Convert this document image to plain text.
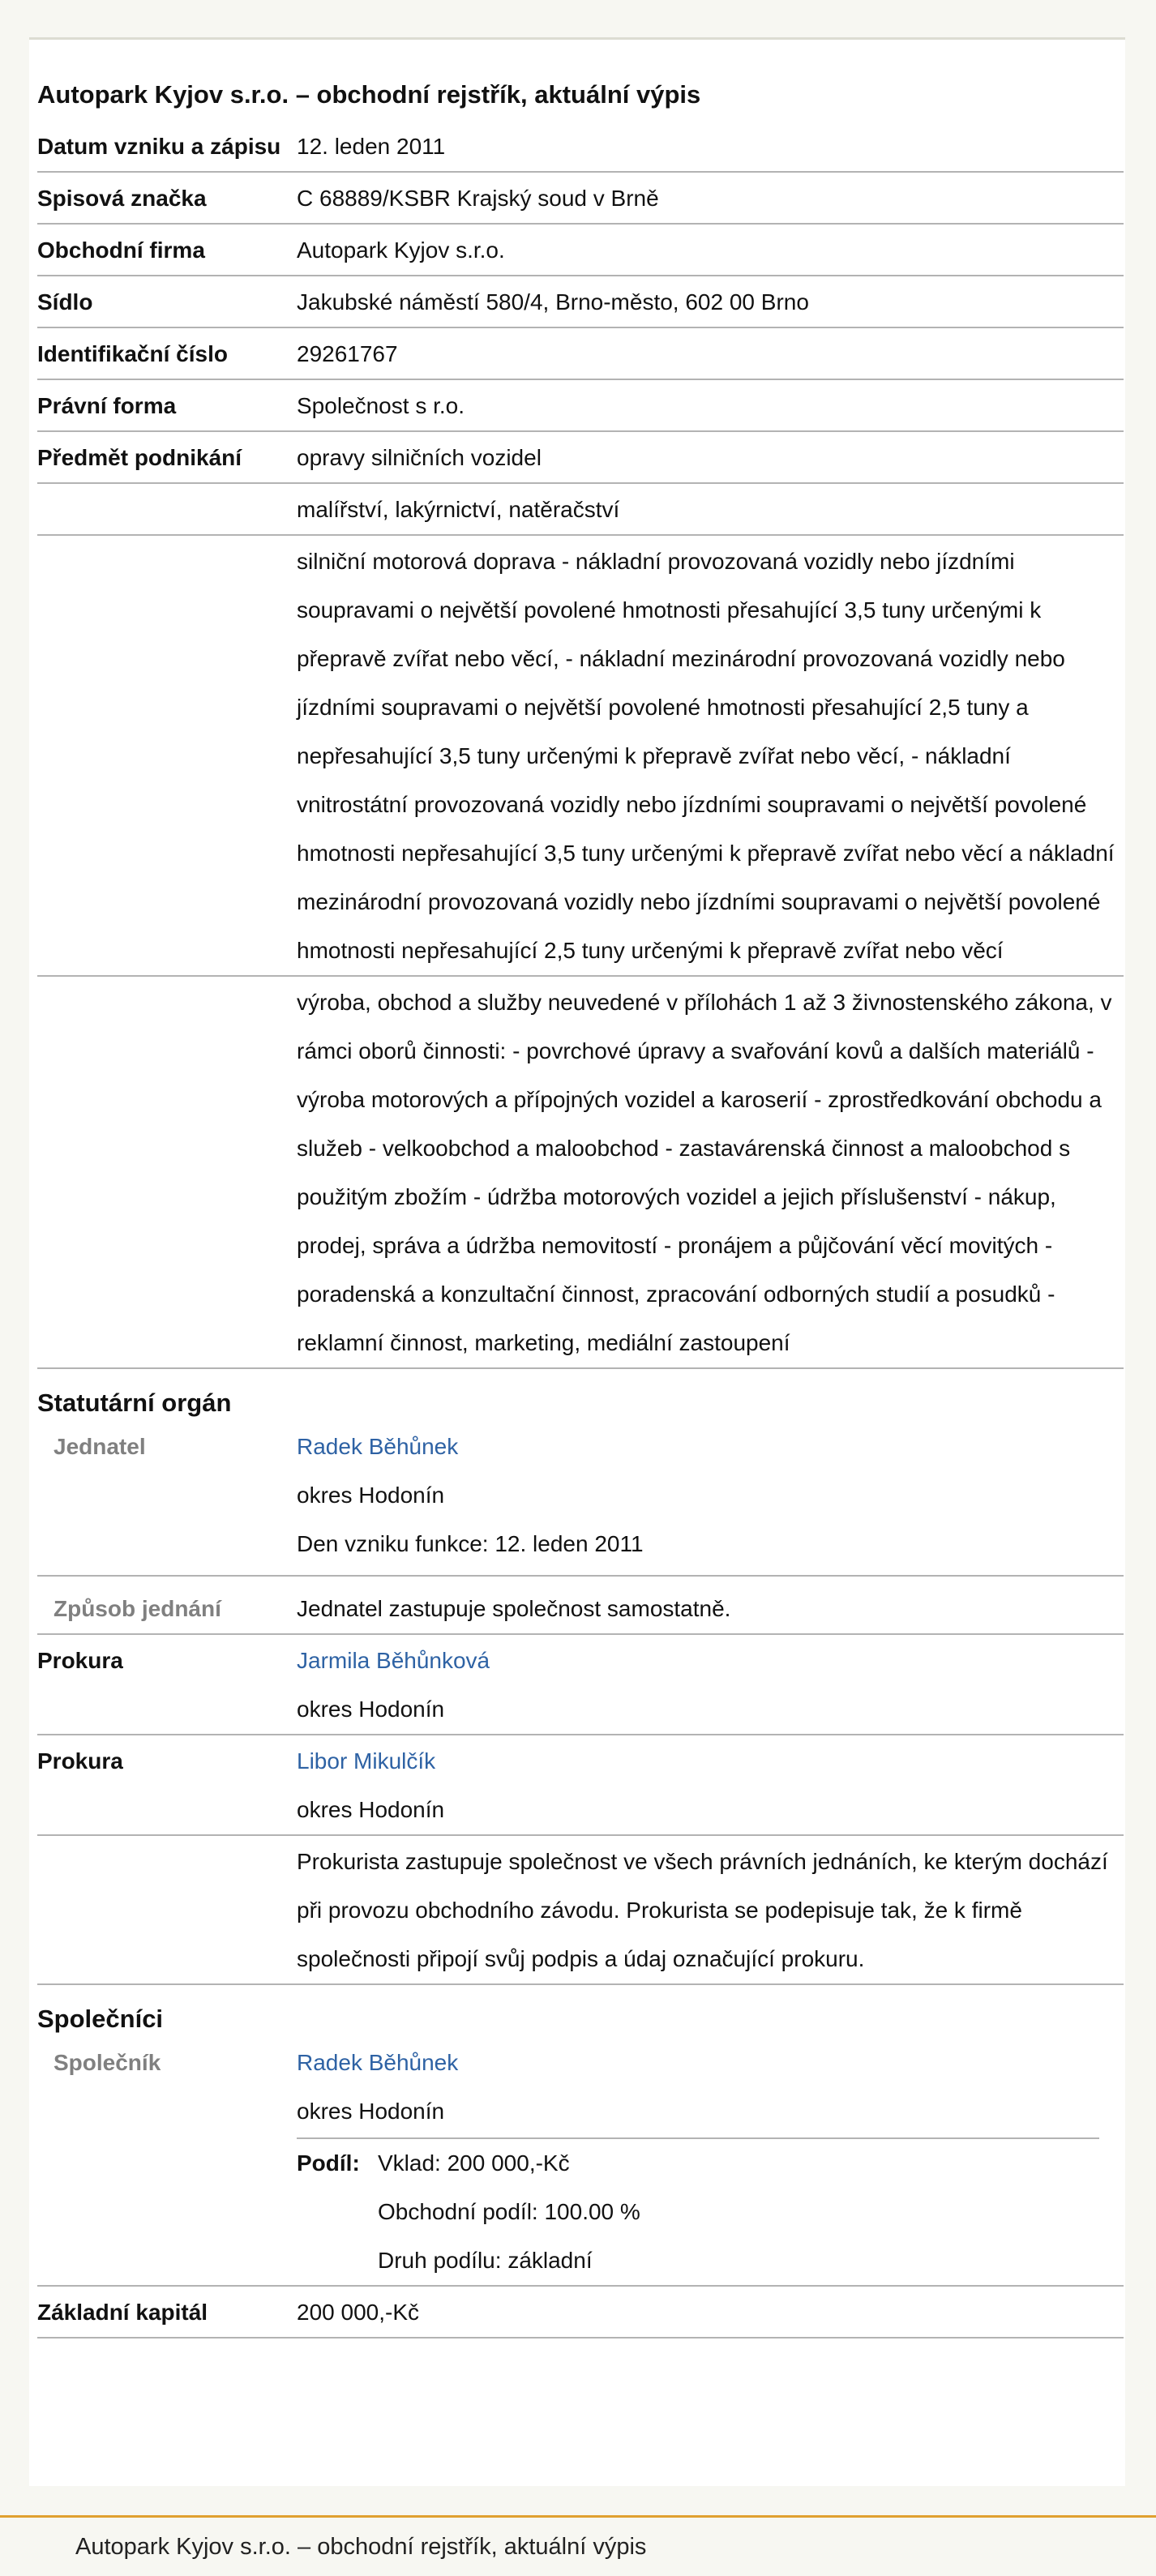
Autopark Kyjov s.r.o. – obchodní rejstřík, aktuální výpis
Datum vzniku a zápisu 12. leden 2011
Spisová značka	C 68889/KSBR Krajský soud v Brně
Obchodní firma	Autopark Kyjov s.r.o.
Sídlo	Jakubské náměstí 580/4, Brno-město, 602 00 Brno
Identifikační číslo	29261767
Právní forma	Společnost s r.o.
Předmět podnikání	opravy silničních vozidel
malířství, lakýrnictví, natěračství
silniční motorová doprava - nákladní provozovaná vozidly nebo jízdními soupravami o největší povolené hmotnosti přesahující 3,5 tuny určenými k přepravě zvířat nebo věcí, - nákladní mezinárodní provozovaná vozidly nebo jízdními soupravami o největší povolené hmotnosti přesahující 2,5 tuny a nepřesahující 3,5 tuny určenými k přepravě zvířat nebo věcí, - nákladní vnitrostátní provozovaná vozidly nebo jízdními soupravami o největší povolené hmotnosti nepřesahující 3,5 tuny určenými k přepravě zvířat nebo věcí a nákladní mezinárodní provozovaná vozidly nebo jízdními soupravami o největší povolené hmotnosti nepřesahující 2,5 tuny určenými k přepravě zvířat nebo věcí
výroba, obchod a služby neuvedené v přílohách 1 až 3 živnostenského zákona, v rámci oborů činnosti: - povrchové úpravy a svařování kovů a dalších materiálů - výroba motorových a přípojných vozidel a karoserií - zprostředkování obchodu a služeb - velkoobchod a maloobchod - zastavárenská činnost a maloobchod s použitým zbožím - údržba motorových vozidel a jejich příslušenství - nákup, prodej, správa a údržba nemovitostí - pronájem a půjčování věcí movitých - poradenská a konzultační činnost, zpracování odborných studií a posudků - reklamní činnost, marketing, mediální zastoupení
Statutární orgán
Jednatel	Radek Běhůnek
okres Hodonín
Den vzniku funkce: 12. leden 2011
Způsob jednání	Jednatel zastupuje společnost samostatně.
Prokura	Jarmila Běhůnková
okres Hodonín
Prokura	Libor Mikulčík
okres Hodonín
Prokurista zastupuje společnost ve všech právních jednáních, ke kterým dochází při provozu obchodního závodu. Prokurista se podepisuje tak, že k firmě společnosti připojí svůj podpis a údaj označující prokuru.
Společníci
Společník	Radek Běhůnek
okres Hodonín
Podíl: Vklad: 200 000,-Kč
Obchodní podíl: 100.00 %
Druh podílu: základní
Základní kapitál	200 000,-Kč
Autopark Kyjov s.r.o. – obchodní rejstřík, aktuální výpis
